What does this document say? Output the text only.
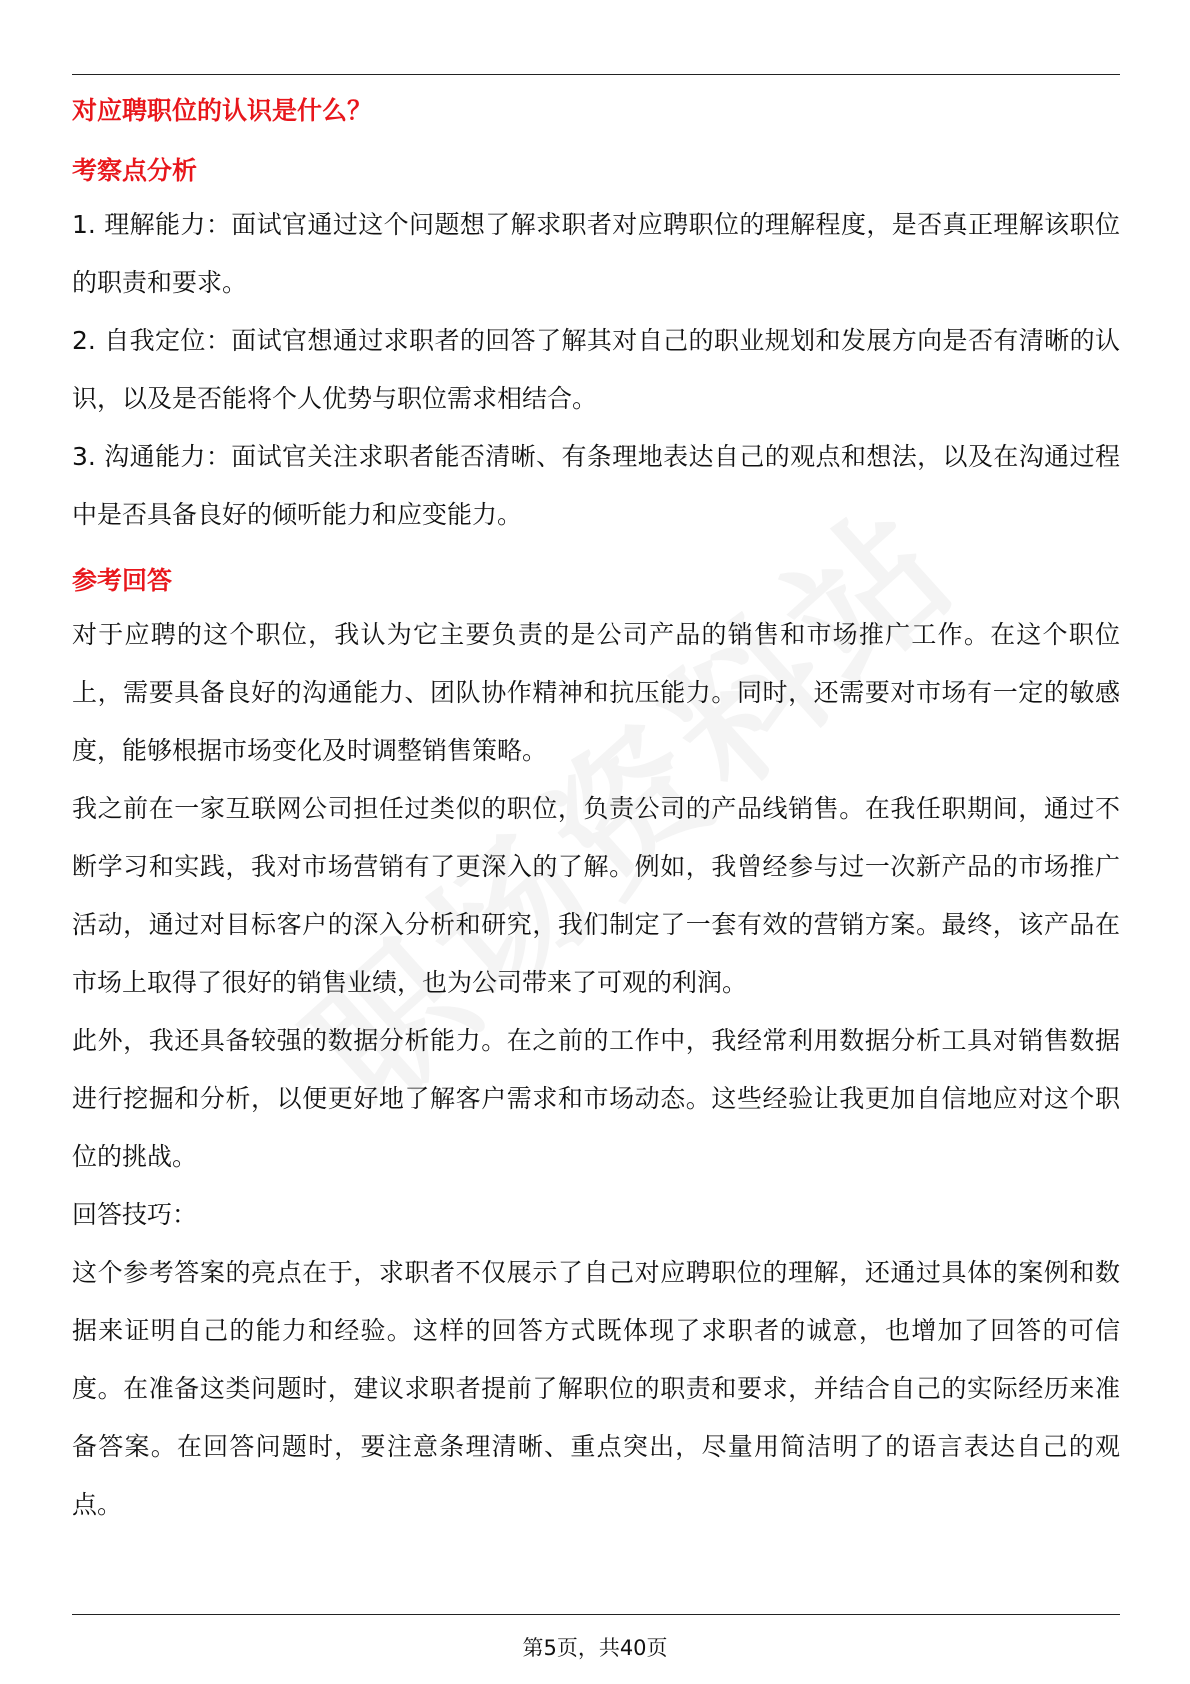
对应聘职位的认识是什么？
考察点分析

1. 理解能力：面试官通过这个问题想了解求职者对应聘职位的理解程度，是否真正理解该职位的职责和要求。

2. 自我定位：面试官想通过求职者的回答了解其对自己的职业规划和发展方向是否有清晰的认识，以及是否能将个人优势与职位需求相结合。

3. 沟通能力：面试官关注求职者能否清晰、有条理地表达自己的观点和想法，以及在沟通过程中是否具备良好的倾听能力和应变能力。

参考回答

对于应聘的这个职位，我认为它主要负责的是公司产品的销售和市场推广工作。在这个职位上，需要具备良好的沟通能力、团队协作精神和抗压能力。同时，还需要对市场有一定的敏感度，能够根据市场变化及时调整销售策略。

我之前在一家互联网公司担任过类似的职位，负责公司的产品线销售。在我任职期间，通过不断学习和实践，我对市场营销有了更深入的了解。例如，我曾经参与过一次新产品的市场推广活动，通过对目标客户的深入分析和研究，我们制定了一套有效的营销方案。最终，该产品在市场上取得了很好的销售业绩，也为公司带来了可观的利润。

此外，我还具备较强的数据分析能力。在之前的工作中，我经常利用数据分析工具对销售数据进行挖掘和分析，以便更好地了解客户需求和市场动态。这些经验让我更加自信地应对这个职位的挑战。

回答技巧：

这个参考答案的亮点在于，求职者不仅展示了自己对应聘职位的理解，还通过具体的案例和数据来证明自己的能力和经验。这样的回答方式既体现了求职者的诚意，也增加了回答的可信度。在准备这类问题时，建议求职者提前了解职位的职责和要求，并结合自己的实际经历来准备答案。在回答问题时，要注意条理清晰、重点突出，尽量用简洁明了的语言表达自己的观点。

第5页，共40页
